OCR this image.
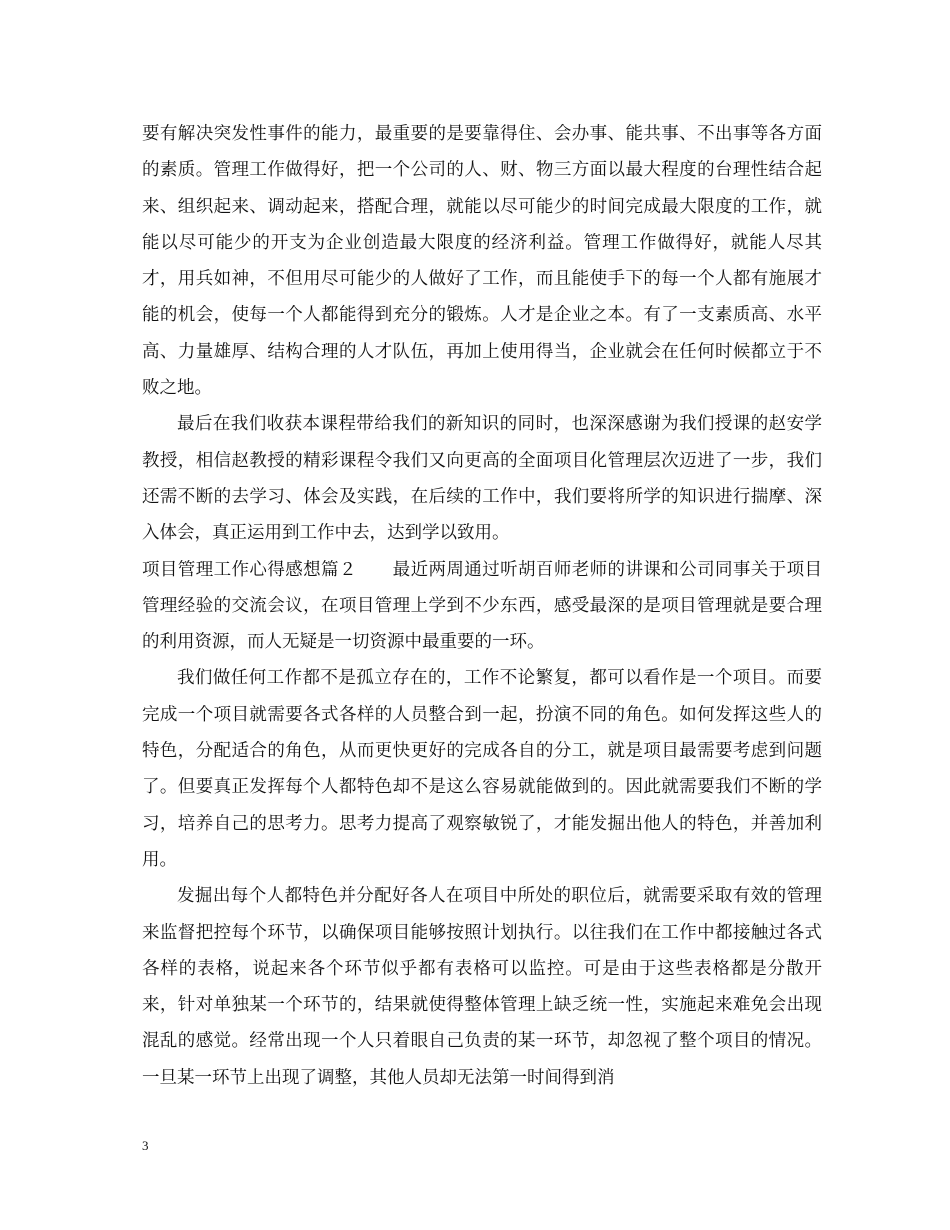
要有解决突发性事件的能力，最重要的是要靠得住、会办事、能共事、不出事等各方面的素质。管理工作做得好，把一个公司的人、财、物三方面以最大程度的台理性结合起来、组织起来、调动起来，搭配合理，就能以尽可能少的时间完成最大限度的工作，就能以尽可能少的开支为企业创造最大限度的经济利益。管理工作做得好，就能人尽其才，用兵如神，不但用尽可能少的人做好了工作，而且能使手下的每一个人都有施展才能的机会，使每一个人都能得到充分的锻炼。人才是企业之本。有了一支素质高、水平高、力量雄厚、结构合理的人才队伍，再加上使用得当，企业就会在任何时候都立于不败之地。

最后在我们收获本课程带给我们的新知识的同时，也深深感谢为我们授课的赵安学教授，相信赵教授的精彩课程令我们又向更高的全面项目化管理层次迈进了一步，我们还需不断的去学习、体会及实践，在后续的工作中，我们要将所学的知识进行揣摩、深入体会，真正运用到工作中去，达到学以致用。

项目管理工作心得感想篇２　　最近两周通过听胡百师老师的讲课和公司同事关于项目管理经验的交流会议，在项目管理上学到不少东西，感受最深的是项目管理就是要合理的利用资源，而人无疑是一切资源中最重要的一环。

我们做任何工作都不是孤立存在的，工作不论繁复，都可以看作是一个项目。而要完成一个项目就需要各式各样的人员整合到一起，扮演不同的角色。如何发挥这些人的特色，分配适合的角色，从而更快更好的完成各自的分工，就是项目最需要考虑到问题了。但要真正发挥每个人都特色却不是这么容易就能做到的。因此就需要我们不断的学习，培养自己的思考力。思考力提高了观察敏锐了，才能发掘出他人的特色，并善加利用。

发掘出每个人都特色并分配好各人在项目中所处的职位后，就需要采取有效的管理来监督把控每个环节，以确保项目能够按照计划执行。以往我们在工作中都接触过各式各样的表格，说起来各个环节似乎都有表格可以监控。可是由于这些表格都是分散开来，针对单独某一个环节的，结果就使得整体管理上缺乏统一性，实施起来难免会出现混乱的感觉。经常出现一个人只着眼自己负责的某一环节，却忽视了整个项目的情况。一旦某一环节上出现了调整，其他人员却无法第一时间得到消

3
